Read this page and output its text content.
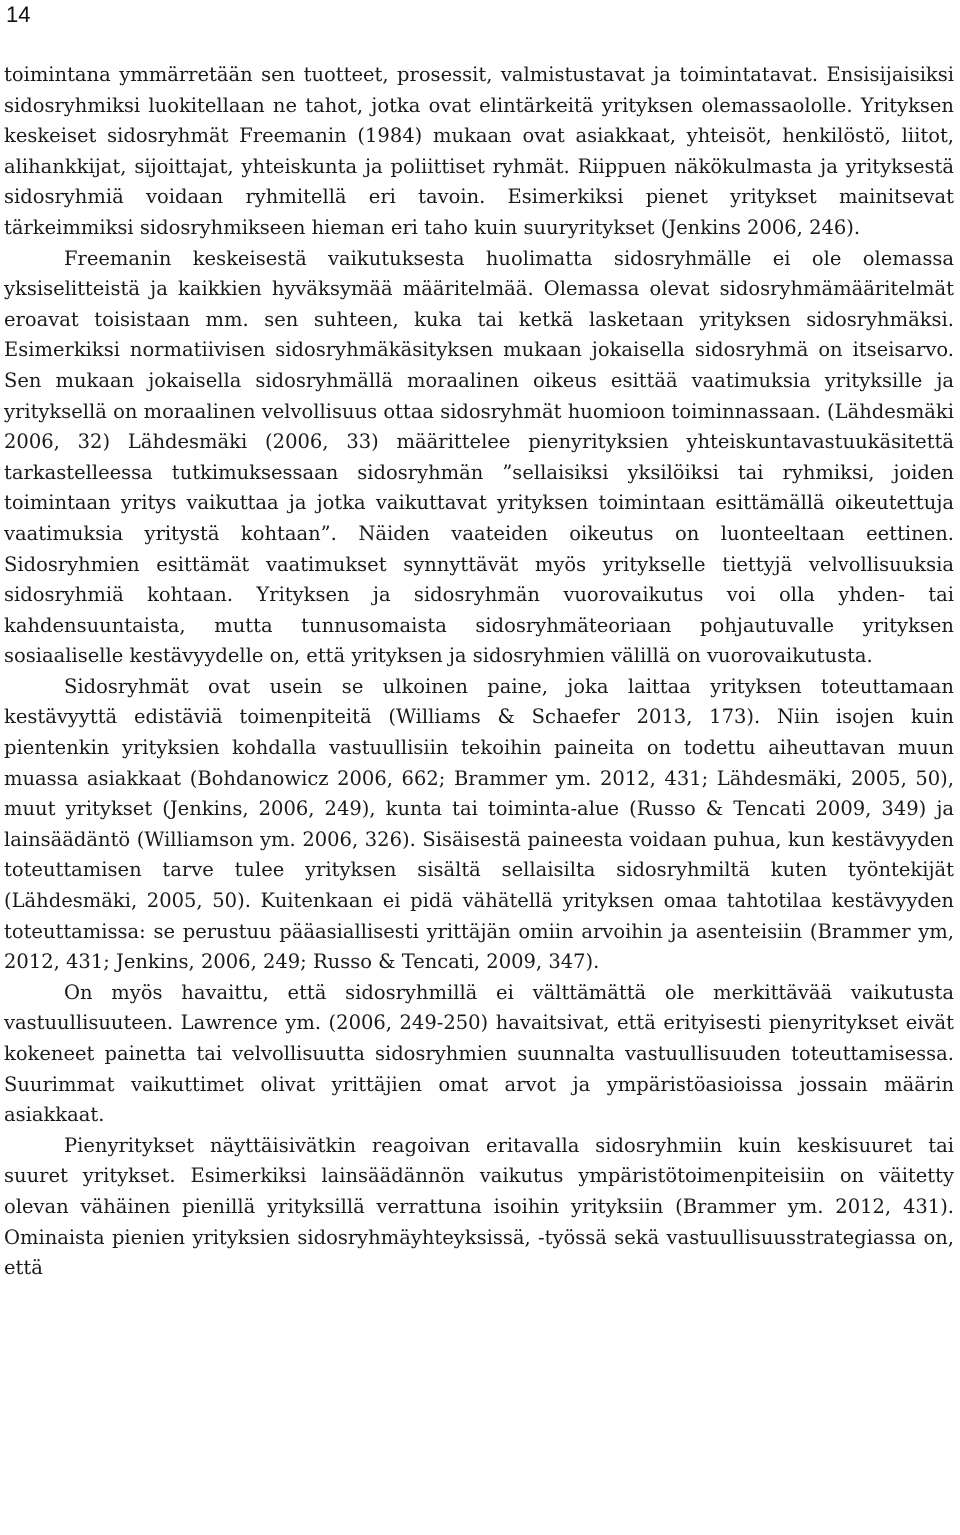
14

toimintana ymmärretään sen tuotteet, prosessit, valmistustavat ja toimintatavat. Ensisijaisiksi sidosryhmiksi luokitellaan ne tahot, jotka ovat elintärkeitä yrityksen olemassaololle. Yrityksen keskeiset sidosryhmät Freemanin (1984) mukaan ovat asiakkaat, yhteisöt, henkilöstö, liitot, alihankkijat, sijoittajat, yhteiskunta ja poliittiset ryhmät. Riippuen näkökulmasta ja yrityksestä sidosryhmiä voidaan ryhmitellä eri tavoin. Esimerkiksi pienet yritykset mainitsevat tärkeimmiksi sidosryhmikseen hieman eri taho kuin suuryritykset (Jenkins 2006, 246).

Freemanin keskeisestä vaikutuksesta huolimatta sidosryhmälle ei ole olemassa yksiselitteistä ja kaikkien hyväksymää määritelmää. Olemassa olevat sidosryhmämääritelmät eroavat toisistaan mm. sen suhteen, kuka tai ketkä lasketaan yrityksen sidosryhmäksi. Esimerkiksi normatiivisen sidosryhmäkäsityksen mukaan jokaisella sidosryhmä on itseisarvo. Sen mukaan jokaisella sidosryhmällä moraalinen oikeus esittää vaatimuksia yrityksille ja yrityksellä on moraalinen velvollisuus ottaa sidosryhmät huomioon toiminnassaan. (Lähdesmäki 2006, 32) Lähdesmäki (2006, 33) määrittelee pienyrityksien yhteiskuntavastuukäsitettä tarkastelleessa tutkimuksessaan sidosryhmän ”sellaisiksi yksilöiksi tai ryhmiksi, joiden toimintaan yritys vaikuttaa ja jotka vaikuttavat yrityksen toimintaan esittämällä oikeutettuja vaatimuksia yritystä kohtaan”. Näiden vaateiden oikeutus on luonteeltaan eettinen. Sidosryhmien esittämät vaatimukset synnyttävät myös yritykselle tiettyjä velvollisuuksia sidosryhmiä kohtaan. Yrityksen ja sidosryhmän vuorovaikutus voi olla yhden- tai kahdensuuntaista, mutta tunnusomaista sidosryhmäteoriaan pohjautuvalle yrityksen sosiaaliselle kestävyydelle on, että yrityksen ja sidosryhmien välillä on vuorovaikutusta.

Sidosryhmät ovat usein se ulkoinen paine, joka laittaa yrityksen toteuttamaan kestävyyttä edistäviä toimenpiteitä (Williams & Schaefer 2013, 173). Niin isojen kuin pientenkin yrityksien kohdalla vastuullisiin tekoihin paineita on todettu aiheuttavan muun muassa asiakkaat (Bohdanowicz 2006, 662; Brammer ym. 2012, 431; Lähdesmäki, 2005, 50), muut yritykset (Jenkins, 2006, 249), kunta tai toiminta-alue (Russo & Tencati 2009, 349) ja lainsäädäntö (Williamson ym. 2006, 326). Sisäisestä paineesta voidaan puhua, kun kestävyyden toteuttamisen tarve tulee yrityksen sisältä sellaisilta sidosryhmiltä kuten työntekijät (Lähdesmäki, 2005, 50). Kuitenkaan ei pidä vähätellä yrityksen omaa tahtotilaa kestävyyden toteuttamissa: se perustuu pääasiallisesti yrittäjän omiin arvoihin ja asenteisiin (Brammer ym, 2012, 431; Jenkins, 2006, 249; Russo & Tencati, 2009, 347).

On myös havaittu, että sidosryhmillä ei välttämättä ole merkittävää vaikutusta vastuullisuuteen. Lawrence ym. (2006, 249-250) havaitsivat, että erityisesti pienyritykset eivät kokeneet painetta tai velvollisuutta sidosryhmien suunnalta vastuullisuuden toteuttamisessa. Suurimmat vaikuttimet olivat yrittäjien omat arvot ja ympäristöasioissa jossain määrin asiakkaat.

Pienyritykset näyttäisivätkin reagoivan eritavalla sidosryhmiin kuin keskisuuret tai suuret yritykset. Esimerkiksi lainsäädännön vaikutus ympäristötoimenpiteisiin on väitetty olevan vähäinen pienillä yrityksillä verrattuna isoihin yrityksiin (Brammer ym. 2012, 431). Ominaista pienien yrityksien sidosryhmäyhteyksissä, -työssä sekä vastuullisuusstrategiassa on, että
